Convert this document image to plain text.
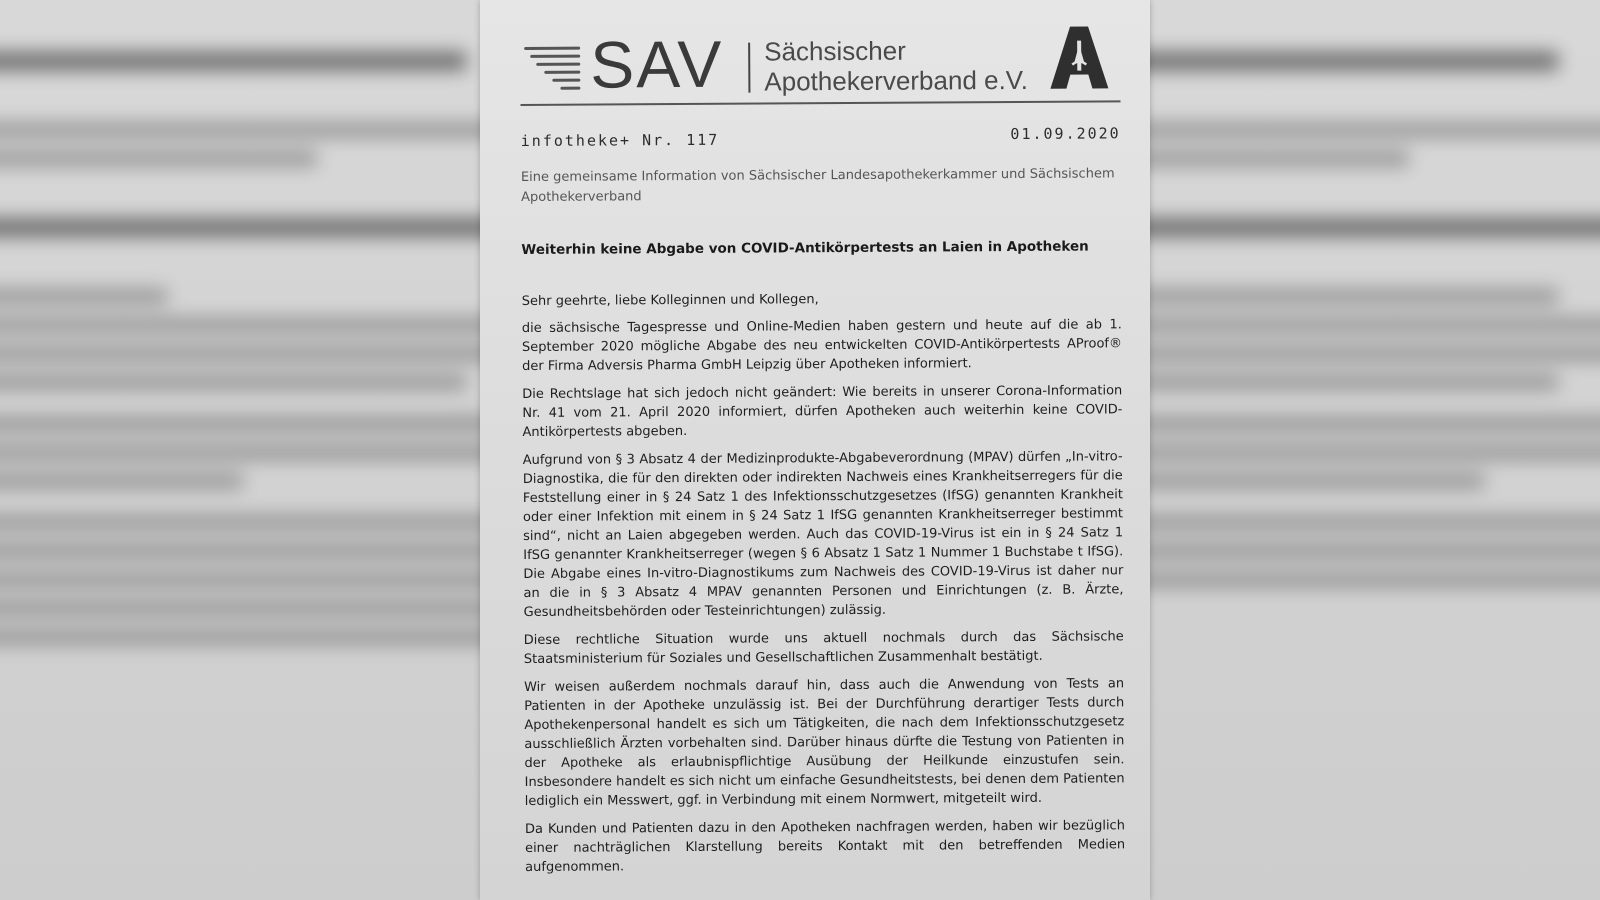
SAV Sächsischer
Apothekerverband e.V.
infotheke+ Nr. 117	01.09.2020
Eine gemeinsame Information von Sächsischer Landesapothekerkammer und Sächsischem Apothekerverband
Weiterhin keine Abgabe von COVID-Antikörpertests an Laien in Apotheken
Sehr geehrte, liebe Kolleginnen und Kollegen,

die sächsische Tagespresse und Online-Medien haben gestern und heute auf die ab 1. September 2020 mögliche Abgabe des neu entwickelten COVID-Antikörpertests AProof® der Firma Adversis Pharma GmbH Leipzig über Apotheken informiert.

Die Rechtslage hat sich jedoch nicht geändert: Wie bereits in unserer Corona-Information Nr. 41 vom 21. April 2020 informiert, dürfen Apotheken auch weiterhin keine COVID-Antikörpertests abgeben.

Aufgrund von § 3 Absatz 4 der Medizinprodukte-Abgabeverordnung (MPAV) dürfen „In-vitro-Diagnostika, die für den direkten oder indirekten Nachweis eines Krankheitserregers für die Feststellung einer in § 24 Satz 1 des Infektionsschutzgesetzes (IfSG) genannten Krankheit oder einer Infektion mit einem in § 24 Satz 1 IfSG genannten Krankheitserreger bestimmt sind“, nicht an Laien abgegeben werden. Auch das COVID-19-Virus ist ein in § 24 Satz 1 IfSG genannter Krankheitserreger (wegen § 6 Absatz 1 Satz 1 Nummer 1 Buchstabe t IfSG). Die Abgabe eines In-vitro-Diagnostikums zum Nachweis des COVID-19-Virus ist daher nur an die in § 3 Absatz 4 MPAV genannten Personen und Einrichtungen (z. B. Ärzte, Gesundheitsbehörden oder Testeinrichtungen) zulässig.

Diese rechtliche Situation wurde uns aktuell nochmals durch das Sächsische Staatsministerium für Soziales und Gesellschaftlichen Zusammenhalt bestätigt.

Wir weisen außerdem nochmals darauf hin, dass auch die Anwendung von Tests an Patienten in der Apotheke unzulässig ist. Bei der Durchführung derartiger Tests durch Apothekenpersonal handelt es sich um Tätigkeiten, die nach dem Infektionsschutzgesetz ausschließlich Ärzten vorbehalten sind. Darüber hinaus dürfte die Testung von Patienten in der Apotheke als erlaubnispflichtige Ausübung der Heilkunde einzustufen sein. Insbesondere handelt es sich nicht um einfache Gesundheitstests, bei denen dem Patienten lediglich ein Messwert, ggf. in Verbindung mit einem Normwert, mitgeteilt wird.

Da Kunden und Patienten dazu in den Apotheken nachfragen werden, haben wir bezüglich einer nachträglichen Klarstellung bereits Kontakt mit den betreffenden Medien aufgenommen.
